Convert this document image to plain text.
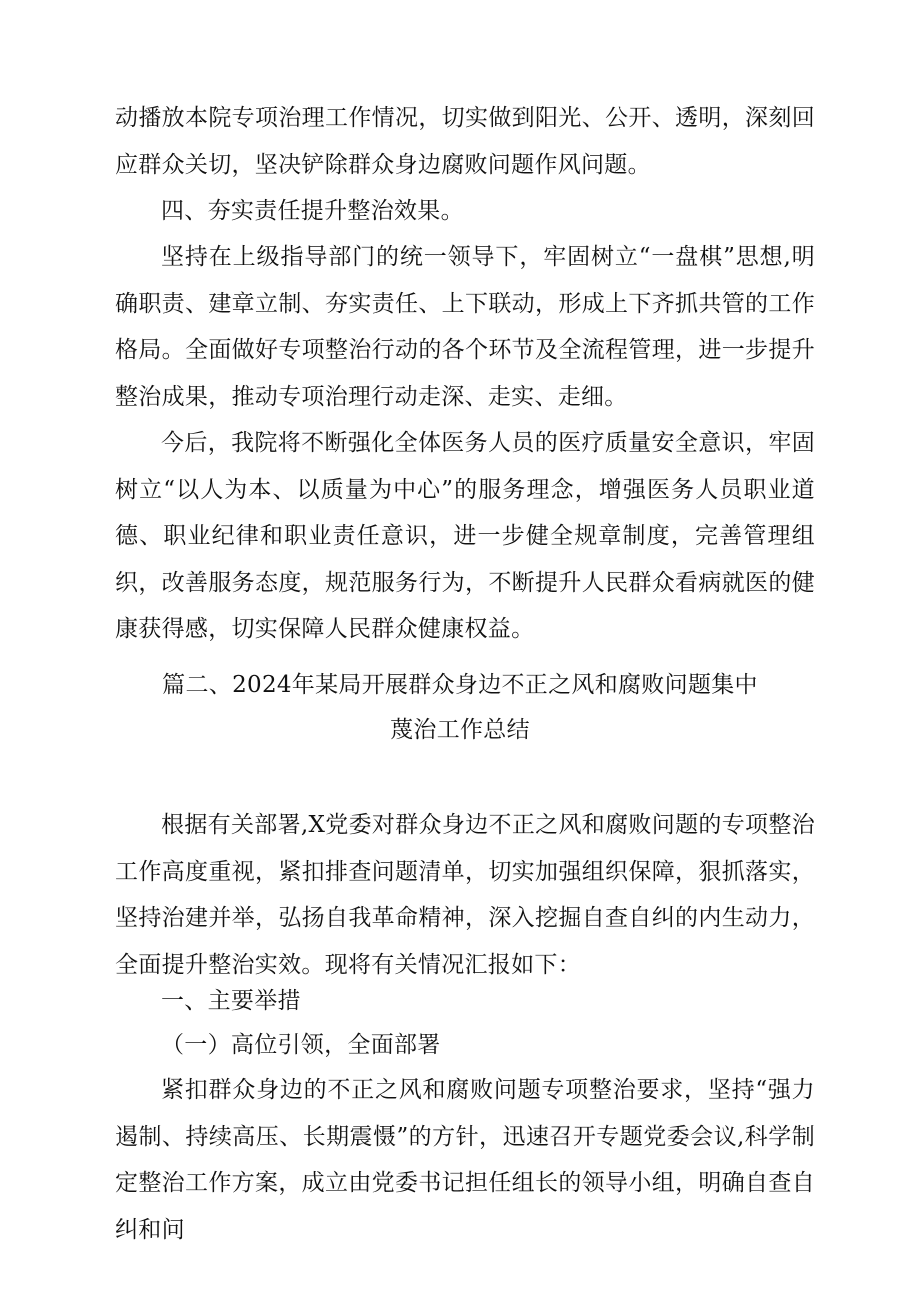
动播放本院专项治理工作情况，切实做到阳光、公开、透明，深刻回应群众关切，坚决铲除群众身边腐败问题作风问题。

四、夯实责任提升整治效果。

坚持在上级指导部门的统一领导下，牢固树立“一盘棋”思想,明确职责、建章立制、夯实责任、上下联动，形成上下齐抓共管的工作格局。全面做好专项整治行动的各个环节及全流程管理，进一步提升整治成果，推动专项治理行动走深、走实、走细。

今后，我院将不断强化全体医务人员的医疗质量安全意识，牢固树立“以人为本、以质量为中心”的服务理念，增强医务人员职业道德、职业纪律和职业责任意识，进一步健全规章制度，完善管理组织，改善服务态度，规范服务行为，不断提升人民群众看病就医的健康获得感，切实保障人民群众健康权益。

篇二、2024年某局开展群众身边不正之风和腐败问题集中

蔑治工作总结

根据有关部署,X党委对群众身边不正之风和腐败问题的专项整治工作高度重视，紧扣排查问题清单，切实加强组织保障，狠抓落实，坚持治建并举，弘扬自我革命精神，深入挖掘自查自纠的内生动力，全面提升整治实效。现将有关情况汇报如下：

一、主要举措

（一）高位引领，全面部署

紧扣群众身边的不正之风和腐败问题专项整治要求，坚持“强力遏制、持续高压、长期震慑”的方针，迅速召开专题党委会议,科学制定整治工作方案，成立由党委书记担任组长的领导小组，明确自查自纠和问
